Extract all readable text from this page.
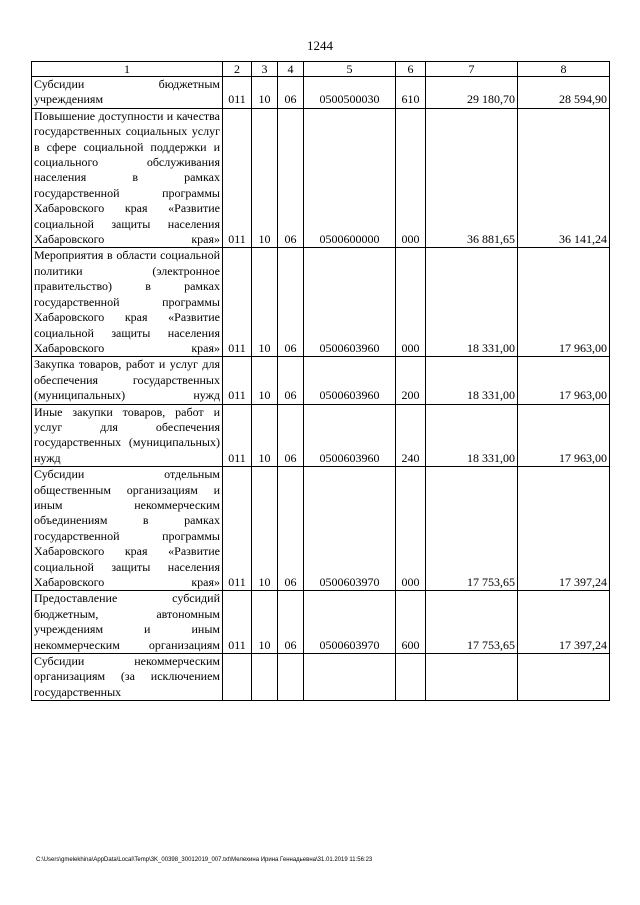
1244
1	2	3	4	5	6	7	8
Субсидии бюджетным учреждениям	011	10	06	0500500030	610	29 180,70	28 594,90
Повышение доступности и качества государственных социальных услуг в сфере социальной поддержки и социального обслуживания населения в рамках государственной программы Хабаровского края «Развитие социальной защиты населения Хабаровского края»	011	10	06	0500600000	000	36 881,65	36 141,24
Мероприятия в области социальной политики (электронное правительство) в рамках государственной программы Хабаровского края «Развитие социальной защиты населения Хабаровского края»	011	10	06	0500603960	000	18 331,00	17 963,00
Закупка товаров, работ и услуг для обеспечения государственных (муниципальных) нужд	011	10	06	0500603960	200	18 331,00	17 963,00
Иные закупки товаров, работ и услуг для обеспечения государственных (муниципальных) нужд	011	10	06	0500603960	240	18 331,00	17 963,00
Субсидии отдельным общественным организациям и иным некоммерческим объединениям в рамках государственной программы Хабаровского края «Развитие социальной защиты населения Хабаровского края»	011	10	06	0500603970	000	17 753,65	17 397,24
Предоставление субсидий бюджетным, автономным учреждениям и иным некоммерческим организациям	011	10	06	0500603970	600	17 753,65	17 397,24
Субсидии некоммерческим организациям (за исключением государственных							
C:\Users\gmelekhina\AppData\Local\Temp\3K_00398_30012019_007.txt\Мелехина Ирина Геннадьевна\31.01.2019 11:56:23
